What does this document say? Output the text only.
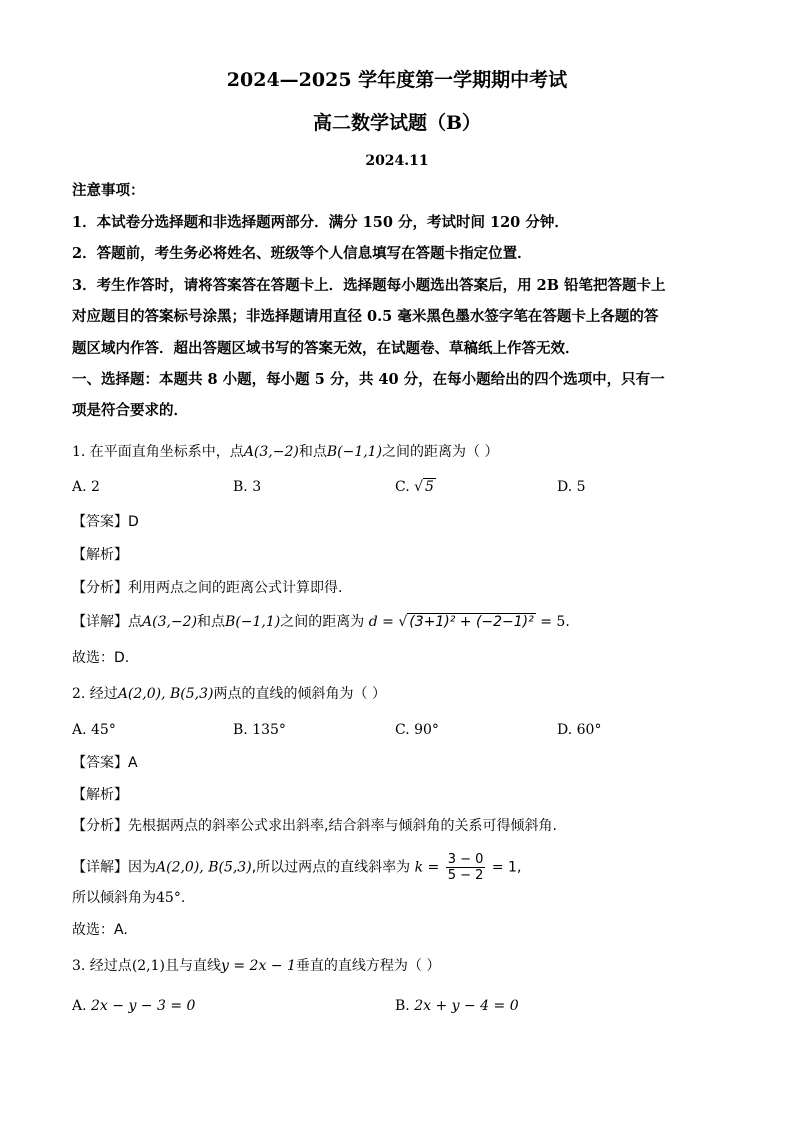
2024—2025 学年度第一学期期中考试
高二数学试题（B）
2024.11
注意事项：
1．本试卷分选择题和非选择题两部分．满分 150 分，考试时间 120 分钟．
2．答题前，考生务必将姓名、班级等个人信息填写在答题卡指定位置．
3．考生作答时，请将答案答在答题卡上．选择题每小题选出答案后，用 2B 铅笔把答题卡上
对应题目的答案标号涂黑；非选择题请用直径 0.5 毫米黑色墨水签字笔在答题卡上各题的答
题区域内作答．超出答题区域书写的答案无效，在试题卷、草稿纸上作答无效．
一、选择题：本题共 8 小题，每小题 5 分，共 40 分，在每小题给出的四个选项中，只有一
项是符合要求的．
1. 在平面直角坐标系中，点A(3,−2)和点B(−1,1)之间的距离为（ ）
A. 2	B. 3	C. √ 5	D. 5
【答案】D
【解析】
【分析】利用两点之间的距离公式计算即得.
【详解】点A(3,−2)和点B(−1,1)之间的距离为 d = √ (3+1)² + (−2−1)² = 5.
故选：D.
2. 经过A(2,0), B(5,3)两点的直线的倾斜角为（ ）
A. 45°	B. 135°	C. 90°	D. 60°
【答案】A
【解析】
【分析】先根据两点的斜率公式求出斜率,结合斜率与倾斜角的关系可得倾斜角.
【详解】因为A(2,0), B(5,3),所以过两点的直线斜率为 $k = \frac{3 - 0}{5 - 2} = 1$,
所以倾斜角为45°.
故选：A.
3. 经过点(2,1)且与直线y = 2x − 1垂直的直线方程为（ ）
A. 2x − y − 3 = 0	B. 2x + y − 4 = 0
